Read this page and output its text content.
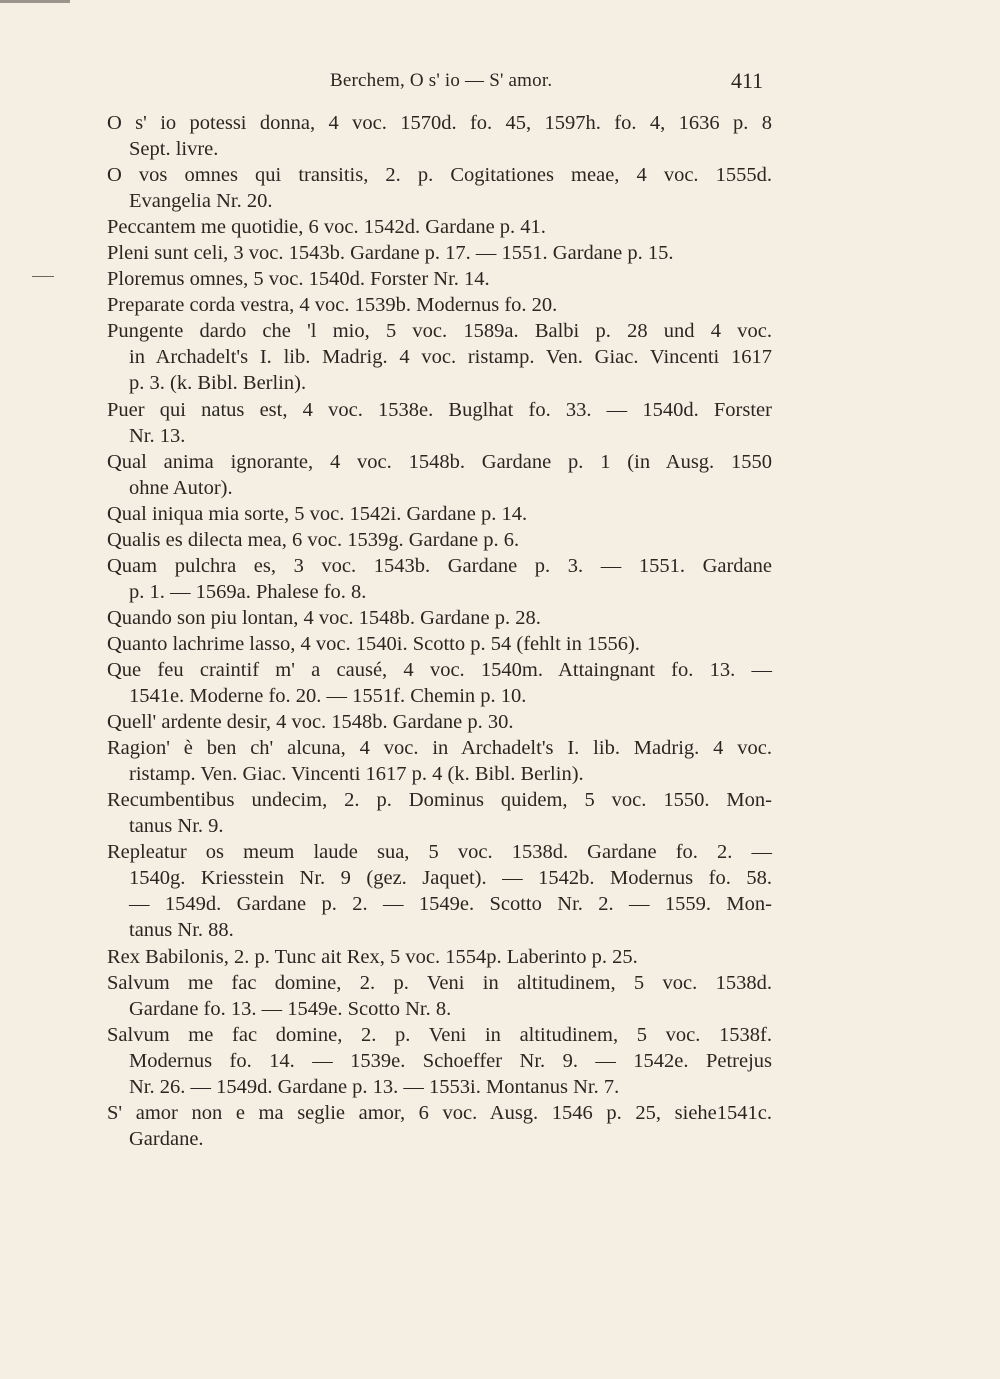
Berchem, O s' io — S' amor.	411
O s' io potessi donna, 4 voc. 1570d. fo. 45, 1597h. fo. 4, 1636 p. 8
Sept. livre.
O vos omnes qui transitis, 2. p. Cogitationes meae, 4 voc. 1555d.
Evangelia Nr. 20.
Peccantem me quotidie, 6 voc. 1542d. Gardane p. 41.
Pleni sunt celi, 3 voc. 1543b. Gardane p. 17. — 1551. Gardane p. 15.
Ploremus omnes, 5 voc. 1540d. Forster Nr. 14.
Preparate corda vestra, 4 voc. 1539b. Modernus fo. 20.
Pungente dardo che 'l mio, 5 voc. 1589a. Balbi p. 28 und 4 voc.
in Archadelt's I. lib. Madrig. 4 voc. ristamp. Ven. Giac. Vincenti 1617
p. 3. (k. Bibl. Berlin).
Puer qui natus est, 4 voc. 1538e. Buglhat fo. 33. — 1540d. Forster
Nr. 13.
Qual anima ignorante, 4 voc. 1548b. Gardane p. 1 (in Ausg. 1550
ohne Autor).
Qual iniqua mia sorte, 5 voc. 1542i. Gardane p. 14.
Qualis es dilecta mea, 6 voc. 1539g. Gardane p. 6.
Quam pulchra es, 3 voc. 1543b. Gardane p. 3. — 1551. Gardane
p. 1. — 1569a. Phalese fo. 8.
Quando son piu lontan, 4 voc. 1548b. Gardane p. 28.
Quanto lachrime lasso, 4 voc. 1540i. Scotto p. 54 (fehlt in 1556).
Que feu craintif m' a causé, 4 voc. 1540m. Attaingnant fo. 13. —
1541e. Moderne fo. 20. — 1551f. Chemin p. 10.
Quell' ardente desir, 4 voc. 1548b. Gardane p. 30.
Ragion' è ben ch' alcuna, 4 voc. in Archadelt's I. lib. Madrig. 4 voc.
ristamp. Ven. Giac. Vincenti 1617 p. 4 (k. Bibl. Berlin).
Recumbentibus undecim, 2. p. Dominus quidem, 5 voc. 1550. Mon-
tanus Nr. 9.
Repleatur os meum laude sua, 5 voc. 1538d. Gardane fo. 2. —
1540g. Kriesstein Nr. 9 (gez. Jaquet). — 1542b. Modernus fo. 58.
— 1549d. Gardane p. 2. — 1549e. Scotto Nr. 2. — 1559. Mon-
tanus Nr. 88.
Rex Babilonis, 2. p. Tunc ait Rex, 5 voc. 1554p. Laberinto p. 25.
Salvum me fac domine, 2. p. Veni in altitudinem, 5 voc. 1538d.
Gardane fo. 13. — 1549e. Scotto Nr. 8.
Salvum me fac domine, 2. p. Veni in altitudinem, 5 voc. 1538f.
Modernus fo. 14. — 1539e. Schoeffer Nr. 9. — 1542e. Petrejus
Nr. 26. — 1549d. Gardane p. 13. — 1553i. Montanus Nr. 7.
S' amor non e ma seglie amor, 6 voc. Ausg. 1546 p. 25, siehe1541c.
Gardane.
